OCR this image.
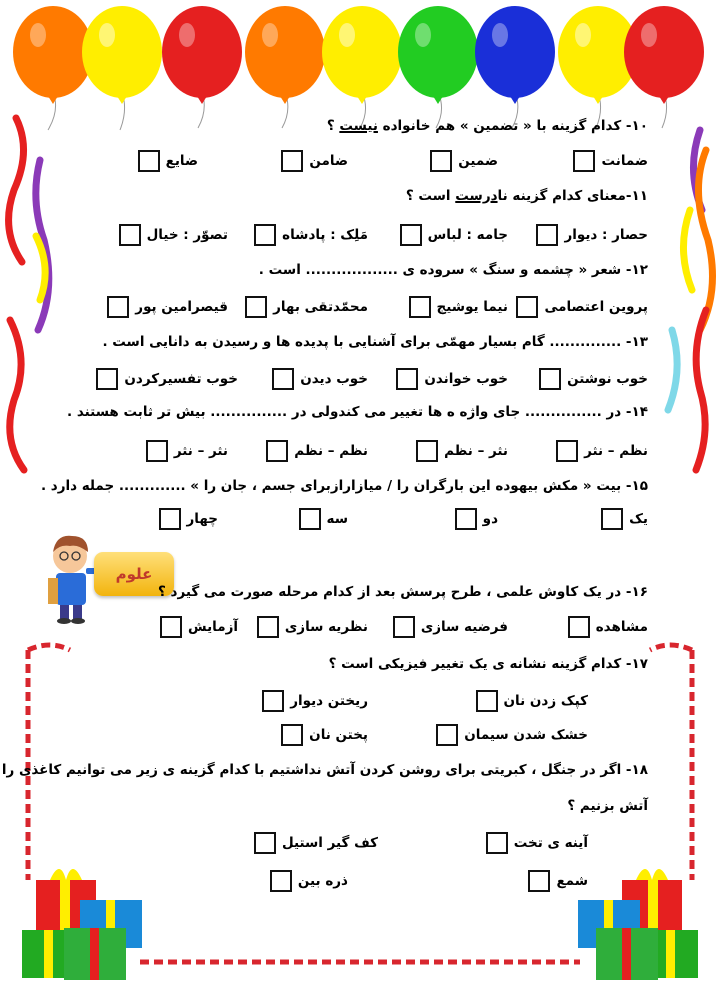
۱۰- کدام گزینه با « تضمین » هم خانواده نیست ؟
ضمانت
ضمین
ضامن
ضایع
۱۱-معنای کدام گزینه نادرست است ؟
حصار : دیوار
جامه : لباس
مَلِک : پادشاه
تصوّر : خیال
۱۲- شعر « چشمه و سنگ » سروده ی .................. است .
پروین اعتصامی
نیما یوشیج
محمّدتقی بهار
قیصرامین پور
۱۳- .............. گام بسیار مهمّی برای آشنایی با پدیده ها و رسیدن به دانایی است .
خوب نوشتن
خوب خواندن
خوب دیدن
خوب تفسیرکردن
۱۴- در ............... جای واژه ه ها تغییر می کندولی در ............... بیش تر ثابت هستند .
نظم – نثر
نثر – نظم
نظم – نظم
نثر – نثر
۱۵- بیت « مکش بیهوده این بارگران را / میازارازبرای جسم ، جان را » ............. جمله دارد .
یک
دو
سه
چهار
علوم
۱۶- در یک کاوش علمی ، طرح پرسش بعد از کدام مرحله صورت می گیرد ؟
مشاهده
فرضیه سازی
نظریه سازی
آزمایش
۱۷- کدام گزینه نشانه ی یک تغییر فیزیکی است ؟
کپک زدن نان
ریختن دیوار
خشک شدن سیمان
پختن نان
۱۸- اگر در جنگل ، کبریتی برای روشن کردن آتش نداشتیم با کدام گزینه ی زیر می توانیم کاغذی را
آتش بزنیم ؟
آینه ی تخت
کف گیر استیل
شمع
ذره بین
